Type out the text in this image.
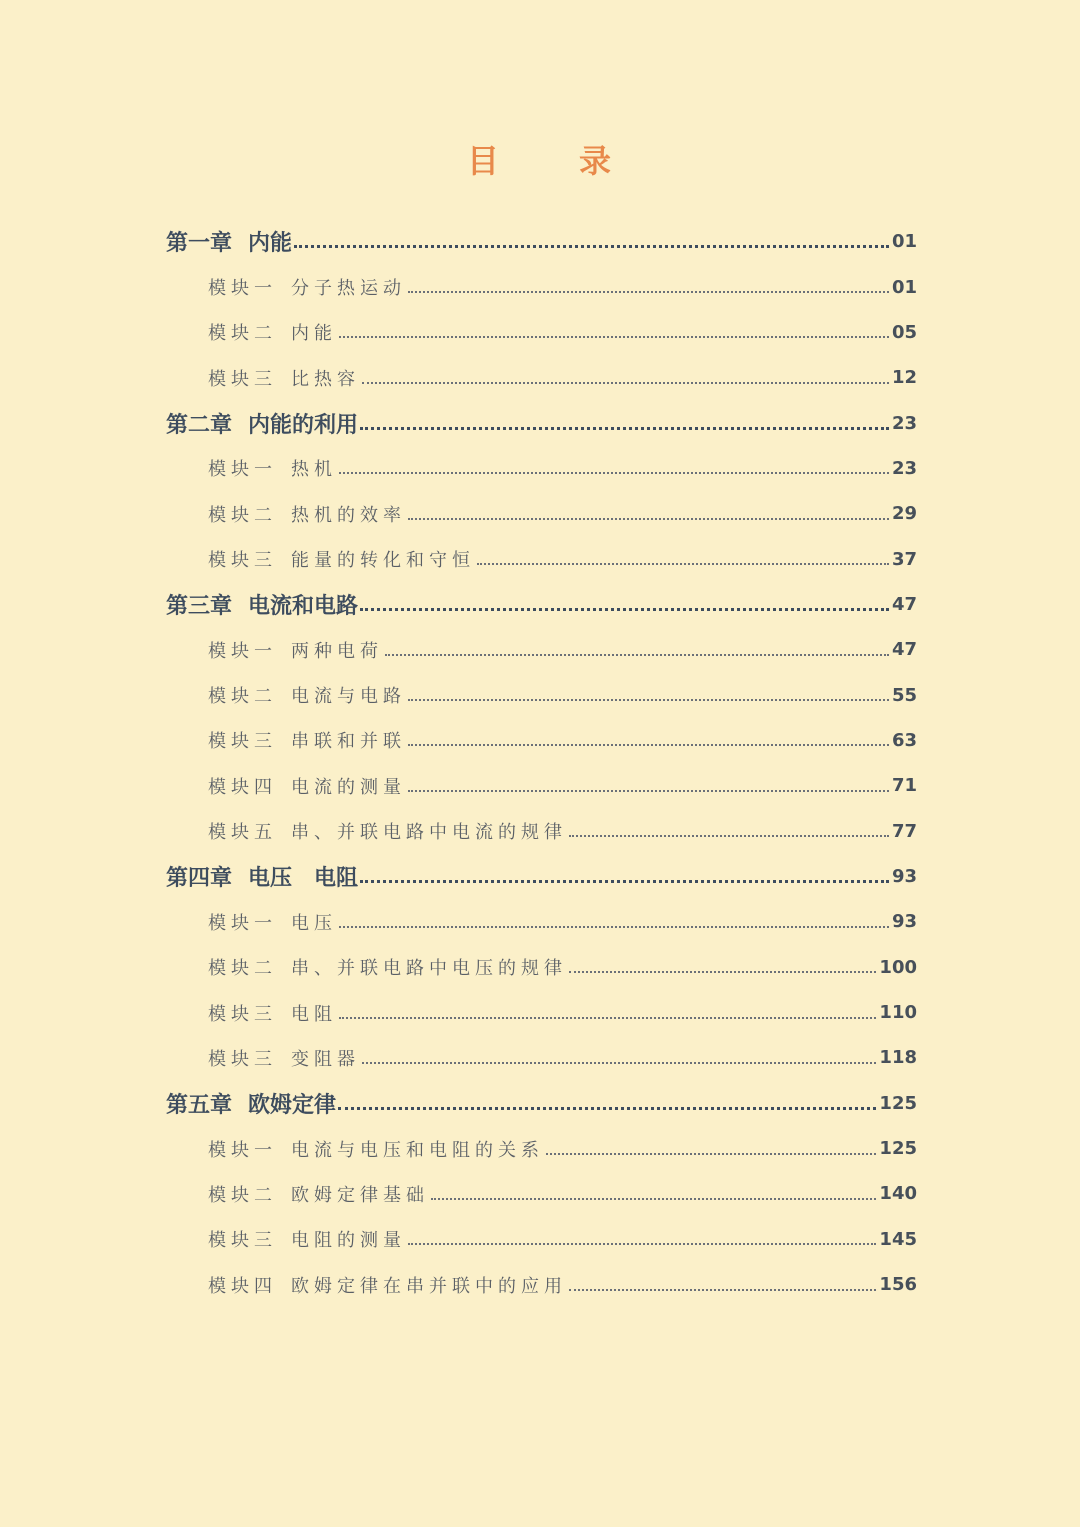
目 录
第一章 内能	01
模块一 分子热运动	01
模块二 内能	05
模块三 比热容	12
第二章 内能的利用	23
模块一 热机	23
模块二 热机的效率	29
模块三 能量的转化和守恒	37
第三章 电流和电路	47
模块一 两种电荷	47
模块二 电流与电路	55
模块三 串联和并联	63
模块四 电流的测量	71
模块五 串、并联电路中电流的规律	77
第四章 电压　电阻	93
模块一 电压	93
模块二 串、并联电路中电压的规律	100
模块三 电阻	110
模块三 变阻器	118
第五章 欧姆定律	125
模块一 电流与电压和电阻的关系	125
模块二 欧姆定律基础	140
模块三 电阻的测量	145
模块四 欧姆定律在串并联中的应用	156
